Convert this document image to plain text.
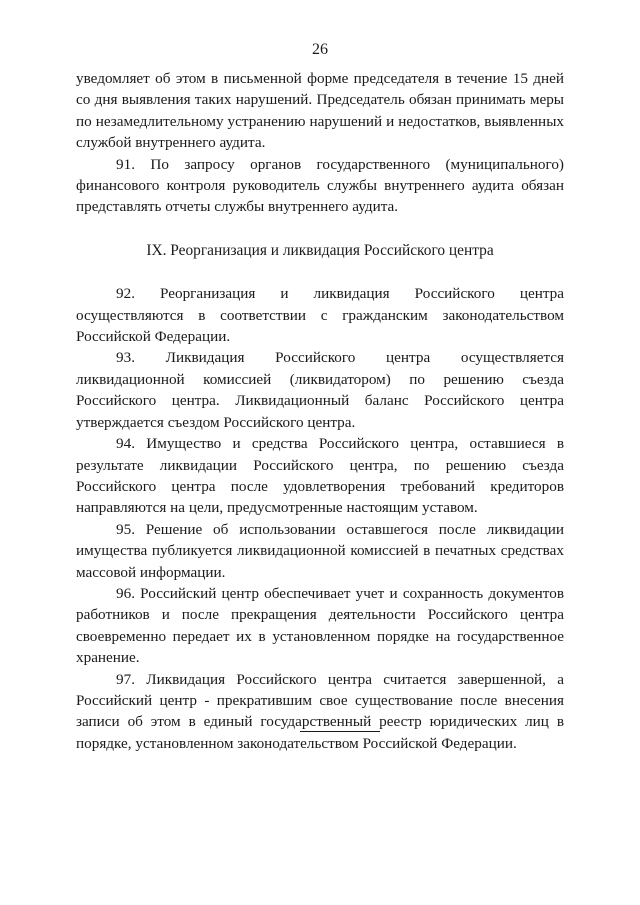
26

уведомляет об этом в письменной форме председателя в течение 15 дней со дня выявления таких нарушений. Председатель обязан принимать меры по незамедлительному устранению нарушений и недостатков, выявленных службой внутреннего аудита.

91. По запросу органов государственного (муниципального) финансового контроля руководитель службы внутреннего аудита обязан представлять отчеты службы внутреннего аудита.

IX. Реорганизация и ликвидация Российского центра

92. Реорганизация и ликвидация Российского центра осуществляются в соответствии с гражданским законодательством Российской Федерации.

93. Ликвидация Российского центра осуществляется ликвидационной комиссией (ликвидатором) по решению съезда Российского центра. Ликвидационный баланс Российского центра утверждается съездом Российского центра.

94. Имущество и средства Российского центра, оставшиеся в результате ликвидации Российского центра, по решению съезда Российского центра после удовлетворения требований кредиторов направляются на цели, предусмотренные настоящим уставом.

95. Решение об использовании оставшегося после ликвидации имущества публикуется ликвидационной комиссией в печатных средствах массовой информации.

96. Российский центр обеспечивает учет и сохранность документов работников и после прекращения деятельности Российского центра своевременно передает их в установленном порядке на государственное хранение.

97. Ликвидация Российского центра считается завершенной, а Российский центр - прекратившим свое существование после внесения записи об этом в единый государственный реестр юридических лиц в порядке, установленном законодательством Российской Федерации.
